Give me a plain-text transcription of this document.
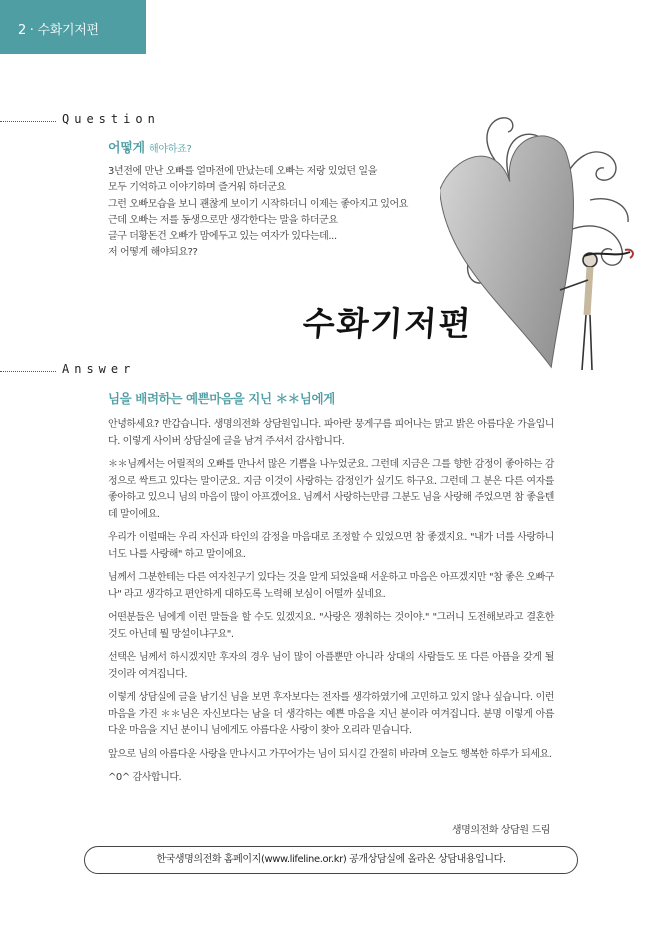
2 · 수화기저편
Question
어떻게 해야하죠?
3년전에 만난 오빠를 얼마전에 만났는데 오빠는 저랑 있었던 일을
모두 기억하고 이야기하며 즐거워 하더군요
그런 오빠모습을 보니 괜찮게 보이기 시작하더니 이제는 좋아지고 있어요
근데 오빠는 저를 동생으로만 생각한다는 말을 하더군요
글구 더황돈건 오빠가 맘에두고 있는 여자가 있다는데...
저 어떻게 해야되요??
수화기저편
Answer
님을 배려하는 예쁜마음을 지닌 ＊＊님에게

안녕하세요? 반갑습니다. 생명의전화 상담원입니다. 파아란 뭉게구름 피어나는 맑고 밝은 아름다운 가을입니다. 이렇게 사이버 상담실에 글을 남겨 주셔서 감사합니다.

＊＊님께서는 어릴적의 오빠를 만나서 많은 기쁨을 나누었군요. 그런데 지금은 그를 향한 감정이 좋아하는 감정으로 싹트고 있다는 말이군요. 지금 이것이 사랑하는 감정인가 싶기도 하구요. 그런데 그 분은 다른 여자를 좋아하고 있으니 님의 마음이 많이 아프겠어요. 님께서 사랑하는만큼 그분도 님을 사랑해 주었으면 참 좋을텐데 말이에요.

우리가 이럴때는 우리 자신과 타인의 감정을 마음대로 조정할 수 있었으면 참 좋겠지요. "내가 너를 사랑하니 너도 나를 사랑해" 하고 말이에요.

님께서 그분한테는 다른 여자친구기 있다는 것을 알게 되었을때 서운하고 마음은 아프겠지만 "참 좋은 오빠구나" 라고 생각하고 편안하게 대하도록 노력해 보심이 어떨까 싶네요.

어떤분들은 님에게 이런 말들을 할 수도 있겠지요. "사랑은 쟁취하는 것이야." "그러니 도전해보라고 결혼한 것도 아닌데 뭘 망설이냐구요".

선택은 님께서 하시겠지만 후자의 경우 님이 많이 아플뿐만 아니라 상대의 사람들도 또 다른 아픔을 갖게 될 것이라 여겨집니다.

이렇게 상담실에 글을 남기신 님을 보면 후자보다는 전자를 생각하였기에 고민하고 있지 않나 싶습니다. 이런 마음을 가진 ＊＊님은 자신보다는 남을 더 생각하는 예쁜 마음을 지닌 분이라 여겨집니다. 분명 이렇게 아름다운 마음을 지닌 분이니 님에게도 아름다운 사랑이 찾아 오리라 믿습니다.

앞으로 님의 아름다운 사랑을 만나시고 가꾸어가는 님이 되시길 간절히 바라며 오늘도 행복한 하루가 되세요.

^0^ 감사합니다.

생명의전화 상담원 드림
한국생명의전화 홈페이지(www.lifeline.or.kr) 공개상담실에 올라온 상담내용입니다.
